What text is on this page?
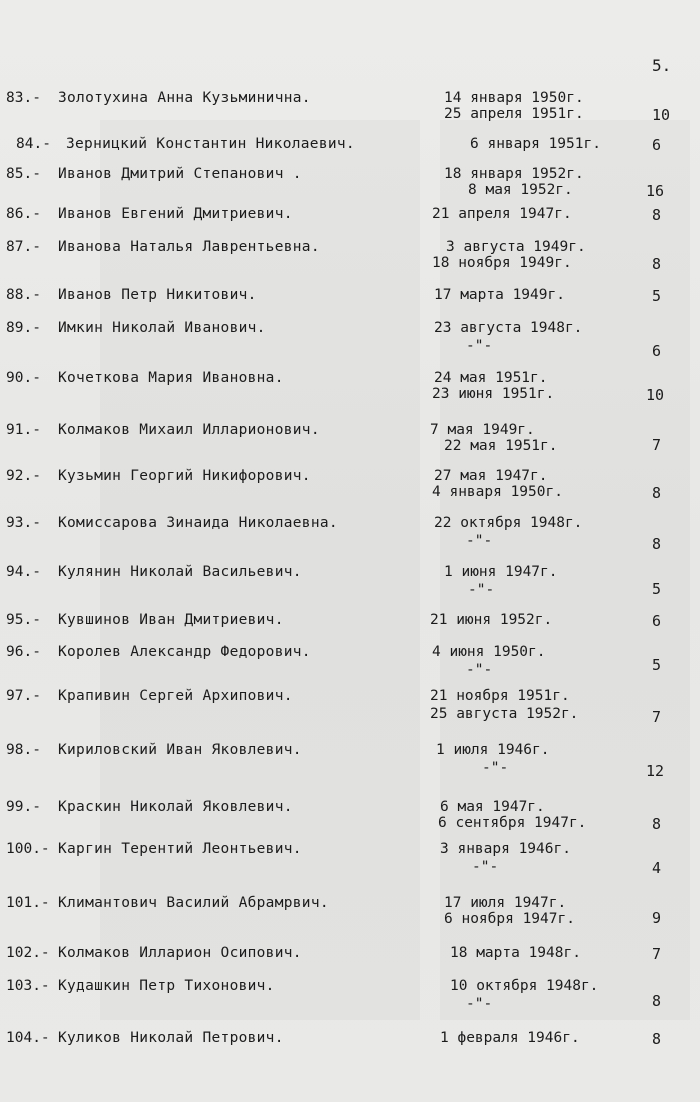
5.
83.- Золотухина Анна Кузьминична.	14 января 1950г.
25 апреля 1951г.	10
84.- Зерницкий Константин Николаевич.	6 января 1951г.	6
85.- Иванов Дмитрий Степанович .	18 января 1952г.
8 мая 1952г.	16
86.- Иванов Евгений Дмитриевич.	21 апреля 1947г.	8
87.- Иванова Наталья Лаврентьевна.	3 августа 1949г.
18 ноября 1949г.	8
88.- Иванов Петр Никитович.	17 марта 1949г.	5
89.- Имкин Николай Иванович.	23 августа 1948г.
-"-	6
90.- Кочеткова Мария Ивановна.	24 мая 1951г.
23 июня 1951г.	10
91.- Колмаков Михаил Илларионович.	7 мая 1949г.
22 мая 1951г.	7
92.- Кузьмин Георгий Никифорович.	27 мая 1947г.
4 января 1950г.	8
93.- Комиссарова Зинаида Николаевна.	22 октября 1948г.
-"-	8
94.- Кулянин Николай Васильевич.	1 июня 1947г.
-"-	5
95.- Кувшинов Иван Дмитриевич.	21 июня 1952г.	6
96.- Королев Александр Федорович.	4 июня 1950г.
-"-	5
97.- Крапивин Сергей Архипович.	21 ноября 1951г.
25 августа 1952г.	7
98.- Кириловский Иван Яковлевич.	1 июля 1946г.
-"-	12
99.- Краскин Николай Яковлевич.	6 мая 1947г.
6 сентября 1947г.	8
100.- Каргин Терентий Леонтьевич.	3 января 1946г.
-"-	4
101.- Климантович Василий Абрамрвич.	17 июля 1947г.
6 ноября 1947г.	9
102.- Колмаков Илларион Осипович.	18 марта 1948г.	7
103.- Кудашкин Петр Тихонович.	10 октября 1948г.
-"-	8
104.- Куликов Николай Петрович.	1 февраля 1946г.	8
